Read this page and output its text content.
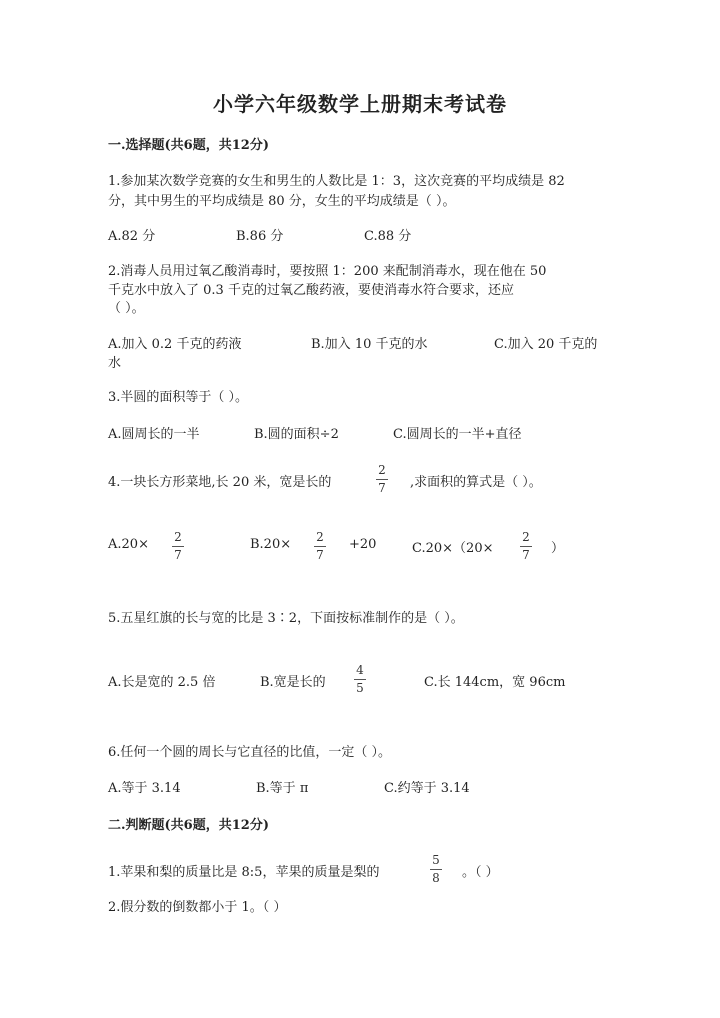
小学六年级数学上册期末考试卷
一.选择题(共6题，共12分)
1.参加某次数学竞赛的女生和男生的人数比是 1：3，这次竞赛的平均成绩是 82
分，其中男生的平均成绩是 80 分，女生的平均成绩是（ ）。
A.82 分	B.86 分	C.88 分
2.消毒人员用过氧乙酸消毒时，要按照 1：200 来配制消毒水，现在他在 50
千克水中放入了 0.3 千克的过氧乙酸药液，要使消毒水符合要求，还应
（ ）。
A.加入 0.2 千克的药液	B.加入 10 千克的水	C.加入 20 千克的
水
3.半圆的面积等于（ ）。
A.圆周长的一半	B.圆的面积÷2	C.圆周长的一半+直径
4.一块长方形菜地,长 20 米，宽是长的
2
7 ,求面积的算式是（ ）。
A.20× 2
7
B.20× 2
7
+20	C.20×（20×
2
7 ）
5.五星红旗的长与宽的比是 3∶2，下面按标准制作的是（ ）。
A.长是宽的 2.5 倍	B.宽是长的
4
5	C.长 144cm，宽 96cm
6.任何一个圆的周长与它直径的比值，一定（ ）。
A.等于 3.14	B.等于 π	C.约等于 3.14
二.判断题(共6题，共12分)
1.苹果和梨的质量比是 8:5，苹果的质量是梨的
5
8 。（ ）
2.假分数的倒数都小于 1。（ ）
